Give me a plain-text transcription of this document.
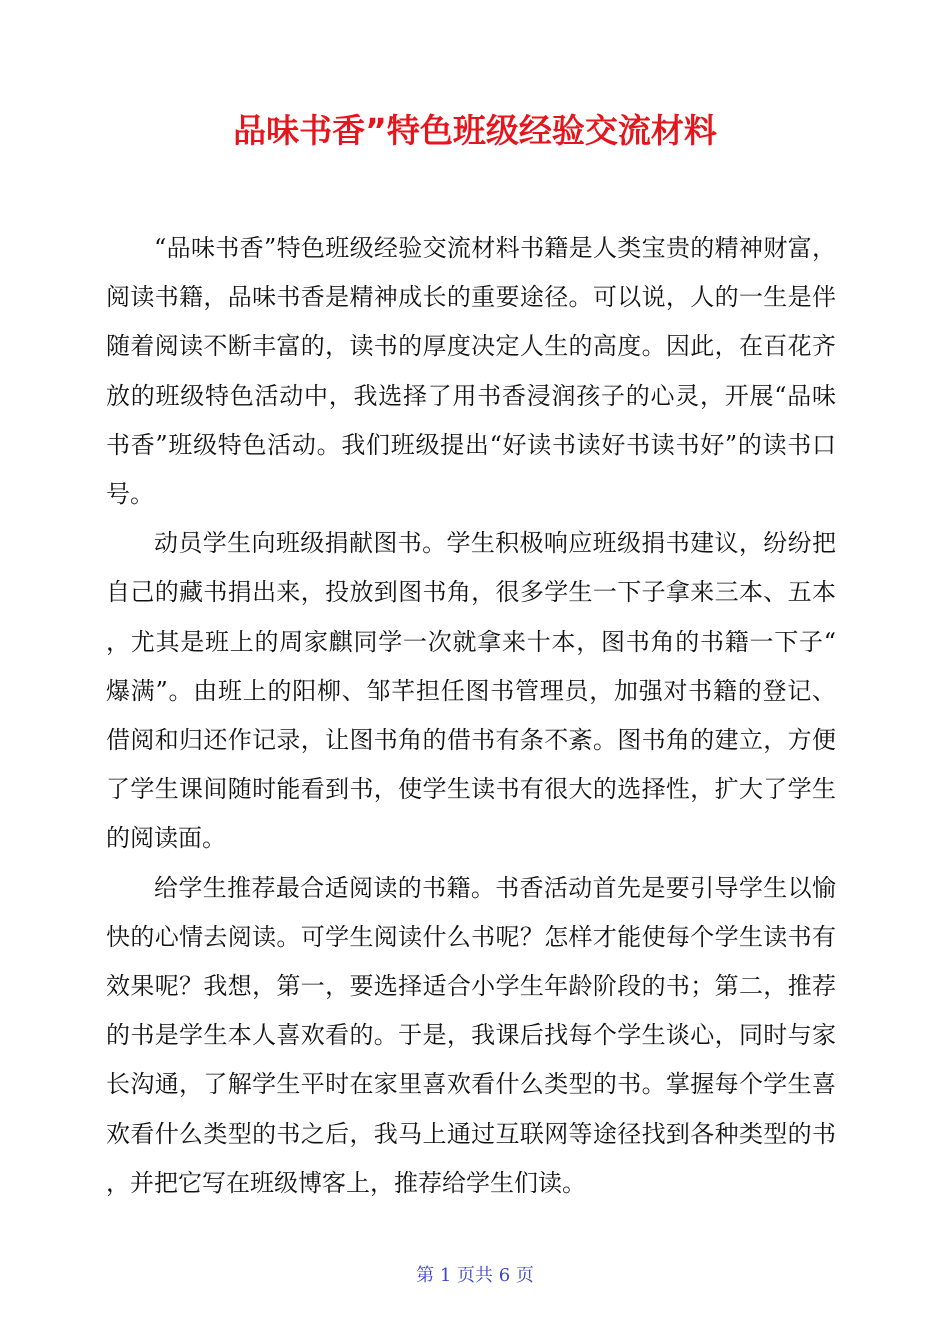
品味书香”特色班级经验交流材料

“品味书香”特色班级经验交流材料书籍是人类宝贵的精神财富，阅读书籍，品味书香是精神成长的重要途径。可以说，人的一生是伴随着阅读不断丰富的，读书的厚度决定人生的高度。因此，在百花齐放的班级特色活动中，我选择了用书香浸润孩子的心灵，开展“品味书香”班级特色活动。我们班级提出“好读书读好书读书好”的读书口号。

动员学生向班级捐献图书。学生积极响应班级捐书建议，纷纷把自己的藏书捐出来，投放到图书角，很多学生一下子拿来三本、五本，尤其是班上的周家麒同学一次就拿来十本，图书角的书籍一下子“爆满”。由班上的阳柳、邹芊担任图书管理员，加强对书籍的登记、借阅和归还作记录，让图书角的借书有条不紊。图书角的建立，方便了学生课间随时能看到书，使学生读书有很大的选择性，扩大了学生的阅读面。

给学生推荐最合适阅读的书籍。书香活动首先是要引导学生以愉快的心情去阅读。可学生阅读什么书呢？怎样才能使每个学生读书有效果呢？我想，第一，要选择适合小学生年龄阶段的书；第二，推荐的书是学生本人喜欢看的。于是，我课后找每个学生谈心，同时与家长沟通，了解学生平时在家里喜欢看什么类型的书。掌握每个学生喜欢看什么类型的书之后，我马上通过互联网等途径找到各种类型的书，并把它写在班级博客上，推荐给学生们读。

第 1 页共 6 页
